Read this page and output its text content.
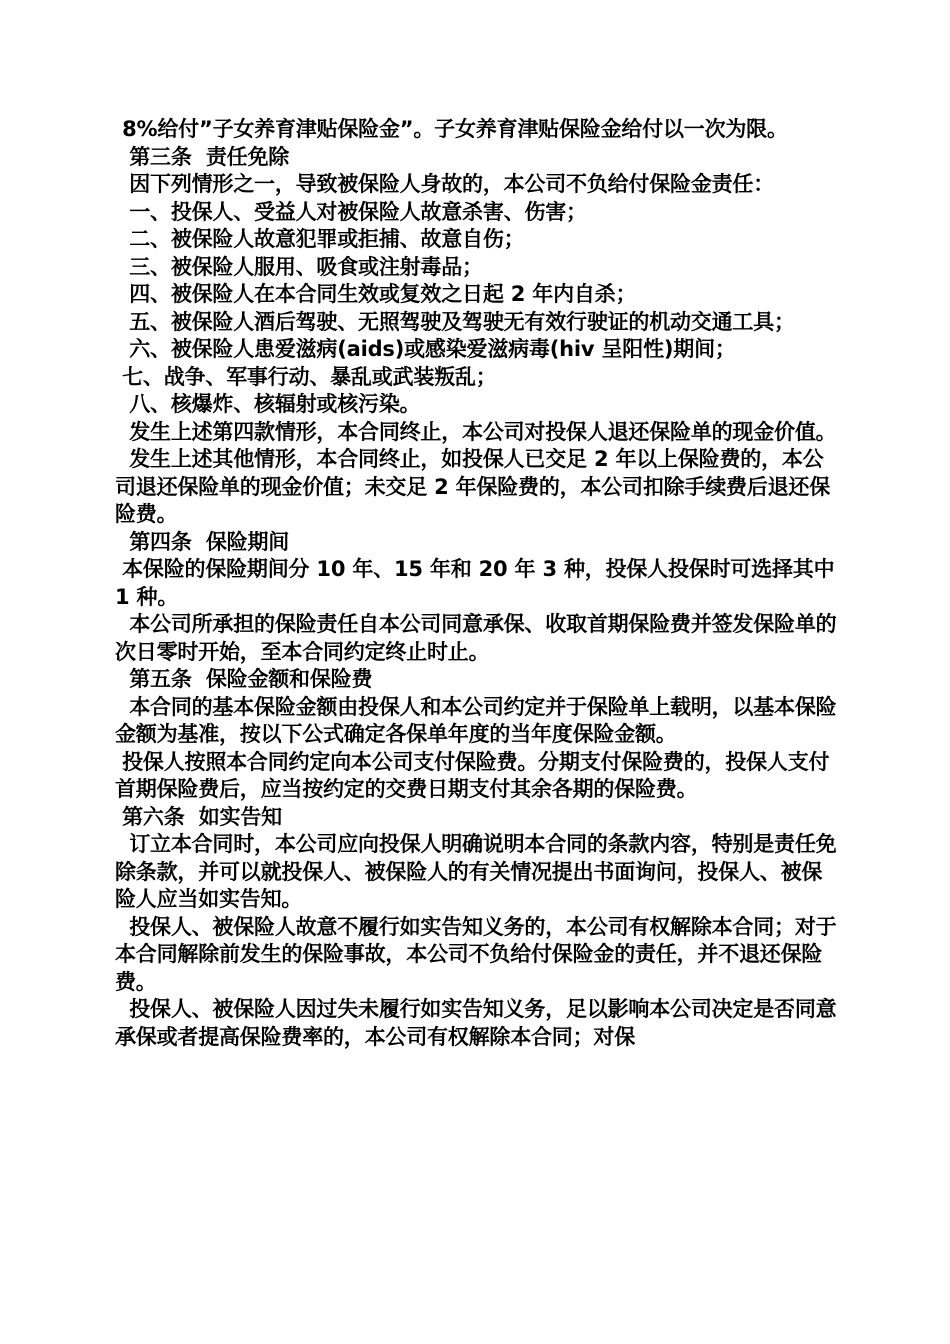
8%给付”子女养育津贴保险金”。子女养育津贴保险金给付以一次为限。

第三条  责任免除

因下列情形之一，导致被保险人身故的，本公司不负给付保险金责任：

一、投保人、受益人对被保险人故意杀害、伤害；

二、被保险人故意犯罪或拒捕、故意自伤；

三、被保险人服用、吸食或注射毒品；

四、被保险人在本合同生效或复效之日起 2 年内自杀；

五、被保险人酒后驾驶、无照驾驶及驾驶无有效行驶证的机动交通工具；

六、被保险人患爱滋病(aids)或感染爱滋病毒(hiv 呈阳性)期间；

七、战争、军事行动、暴乱或武装叛乱；

八、核爆炸、核辐射或核污染。

发生上述第四款情形，本合同终止，本公司对投保人退还保险单的现金价值。

发生上述其他情形，本合同终止，如投保人已交足 2 年以上保险费的，本公司退还保险单的现金价值；未交足 2 年保险费的，本公司扣除手续费后退还保险费。

第四条  保险期间

本保险的保险期间分 10 年、15 年和 20 年 3 种，投保人投保时可选择其中 1 种。

本公司所承担的保险责任自本公司同意承保、收取首期保险费并签发保险单的次日零时开始，至本合同约定终止时止。

第五条  保险金额和保险费

本合同的基本保险金额由投保人和本公司约定并于保险单上载明，以基本保险金额为基准，按以下公式确定各保单年度的当年度保险金额。

投保人按照本合同约定向本公司支付保险费。分期支付保险费的，投保人支付首期保险费后，应当按约定的交费日期支付其余各期的保险费。

第六条  如实告知

订立本合同时，本公司应向投保人明确说明本合同的条款内容，特别是责任免除条款，并可以就投保人、被保险人的有关情况提出书面询问，投保人、被保险人应当如实告知。

投保人、被保险人故意不履行如实告知义务的，本公司有权解除本合同；对于本合同解除前发生的保险事故，本公司不负给付保险金的责任，并不退还保险费。

投保人、被保险人因过失未履行如实告知义务，足以影响本公司决定是否同意承保或者提高保险费率的，本公司有权解除本合同；对保
